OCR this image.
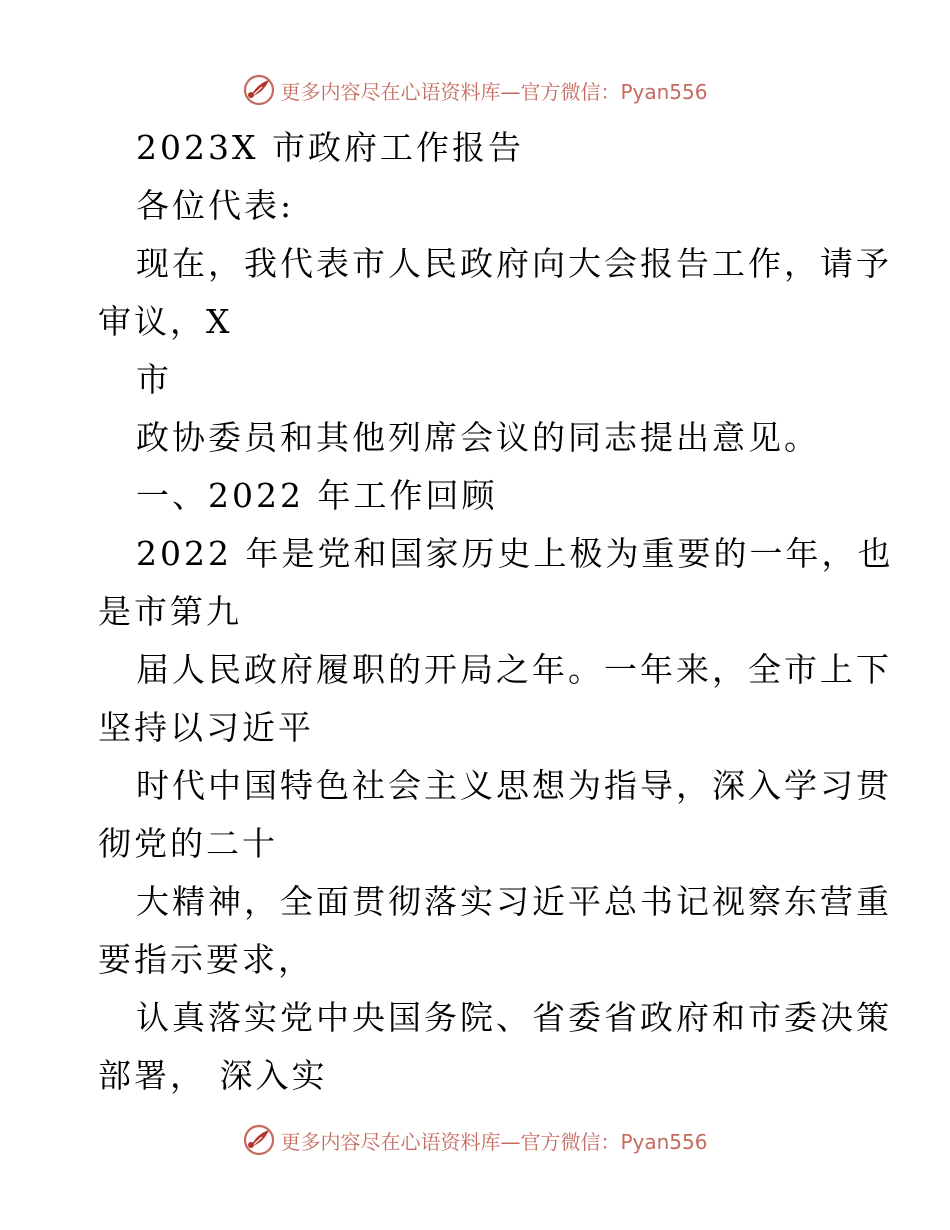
更多内容尽在心语资料库—官方微信：Pyan556
2023X 市政府工作报告
各位代表:
现在，我代表市人民政府向大会报告工作，请予
审议，X
市
政协委员和其他列席会议的同志提出意见。
一、2022 年工作回顾
2022 年是党和国家历史上极为重要的一年，也
是市第九
届人民政府履职的开局之年。一年来，全市上下
坚持以习近平
时代中国特色社会主义思想为指导，深入学习贯
彻党的二十
大精神，全面贯彻落实习近平总书记视察东营重
要指示要求，
认真落实党中央国务院、省委省政府和市委决策
部署， 深入实
更多内容尽在心语资料库—官方微信：Pyan556
